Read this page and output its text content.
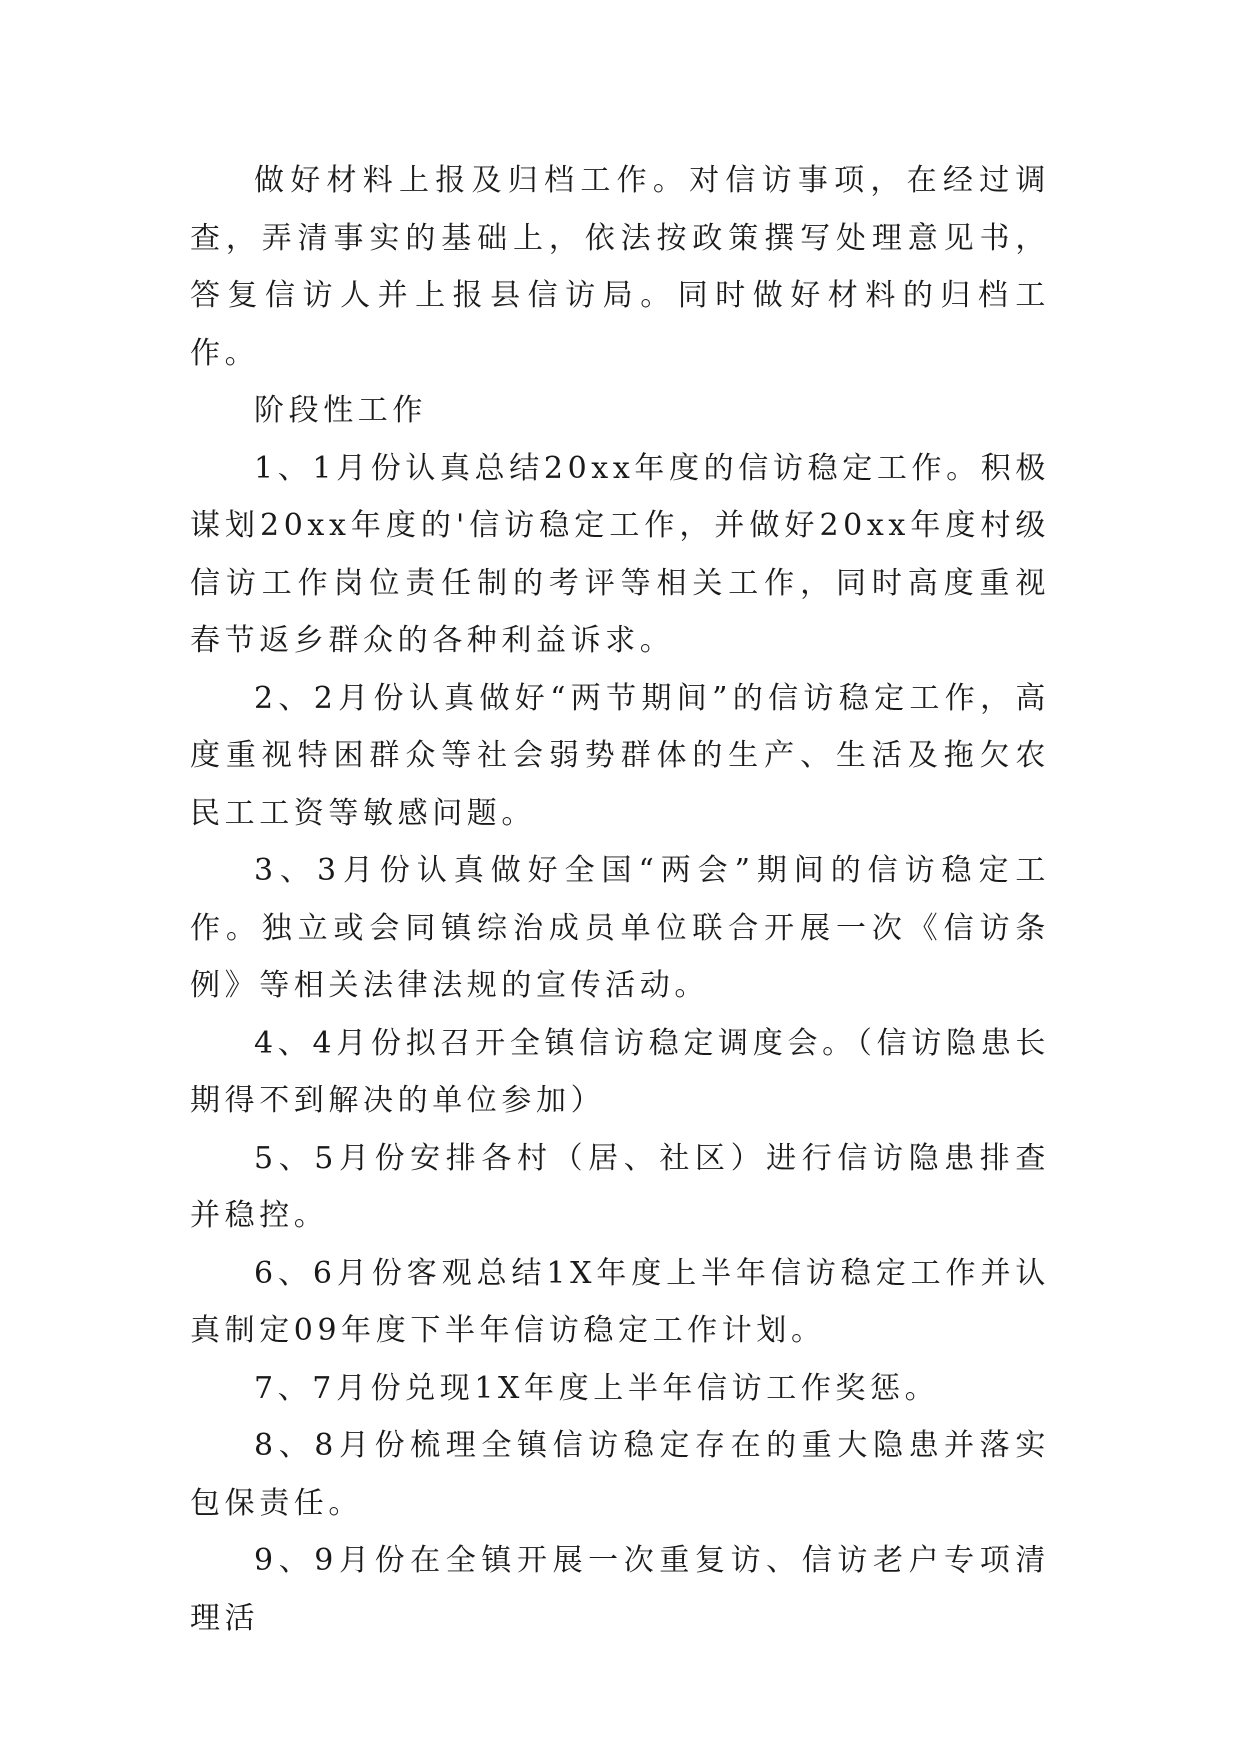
做好材料上报及归档工作。对信访事项，在经过调查，弄清事实的基础上，依法按政策撰写处理意见书，答复信访人并上报县信访局。同时做好材料的归档工作。

阶段性工作

1、1月份认真总结20xx年度的信访稳定工作。积极谋划20xx年度的'信访稳定工作，并做好20xx年度村级信访工作岗位责任制的考评等相关工作，同时高度重视春节返乡群众的各种利益诉求。

2、2月份认真做好“两节期间”的信访稳定工作，高度重视特困群众等社会弱势群体的生产、生活及拖欠农民工工资等敏感问题。

3、3月份认真做好全国“两会”期间的信访稳定工作。独立或会同镇综治成员单位联合开展一次《信访条例》等相关法律法规的宣传活动。

4、4月份拟召开全镇信访稳定调度会。（信访隐患长期得不到解决的单位参加）

5、5月份安排各村（居、社区）进行信访隐患排查并稳控。

6、6月份客观总结1X年度上半年信访稳定工作并认真制定09年度下半年信访稳定工作计划。

7、7月份兑现1X年度上半年信访工作奖惩。

8、8月份梳理全镇信访稳定存在的重大隐患并落实包保责任。

9、9月份在全镇开展一次重复访、信访老户专项清理活
